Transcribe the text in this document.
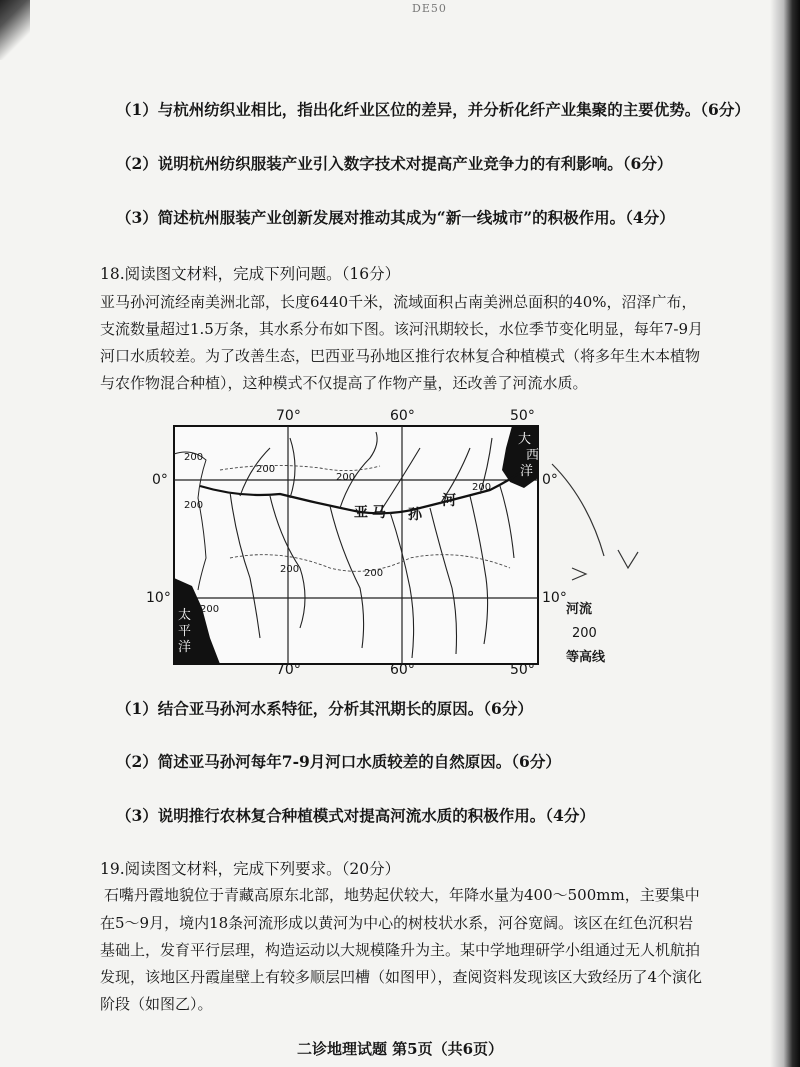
DE50
（1）与杭州纺织业相比，指出化纤业区位的差异，并分析化纤产业集聚的主要优势。（6分）
（2）说明杭州纺织服装产业引入数字技术对提高产业竞争力的有利影响。（6分）
（3）简述杭州服装产业创新发展对推动其成为“新一线城市”的积极作用。（4分）
18.阅读图文材料，完成下列问题。（16分）
亚马孙河流经南美洲北部，长度6440千米，流域面积占南美洲总面积的40%，沼泽广布，
支流数量超过1.5万条，其水系分布如下图。该河汛期较长，水位季节变化明显，每年7-9月
河口水质较差。为了改善生态，巴西亚马孙地区推行农林复合种植模式（将多年生木本植物
与农作物混合种植），这种模式不仅提高了作物产量，还改善了河流水质。
70°	60°	50°
70°	60°	50°
0°	0°
10°	10°
亚 马 孙
河
大
西
洋
太
平
洋
200
200
200
200
200
200
200
200
河流
200
等高线
（1）结合亚马孙河水系特征，分析其汛期长的原因。（6分）
（2）简述亚马孙河每年7-9月河口水质较差的自然原因。（6分）
（3）说明推行农林复合种植模式对提高河流水质的积极作用。（4分）
19.阅读图文材料，完成下列要求。（20分）
石嘴丹霞地貌位于青藏高原东北部，地势起伏较大，年降水量为400～500mm，主要集中
在5～9月，境内18条河流形成以黄河为中心的树枝状水系，河谷宽阔。该区在红色沉积岩
基础上，发育平行层理，构造运动以大规模隆升为主。某中学地理研学小组通过无人机航拍
发现，该地区丹霞崖壁上有较多顺层凹槽（如图甲），查阅资料发现该区大致经历了4个演化
阶段（如图乙）。
二诊地理试题 第5页（共6页）
